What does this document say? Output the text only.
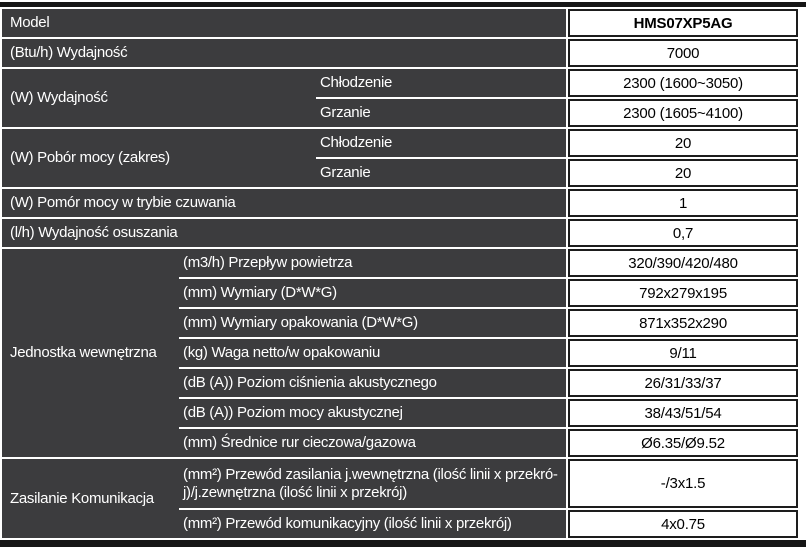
Model			HMS07XP5AG

(Btu/h) Wydajność			7000

(W) Wydajność		Chłodzenie	2300 (1600~3050)

		Grzanie	2300 (1605~4100)

(W) Pobór mocy (zakres)		Chłodzenie	20

		Grzanie	20

(W) Pomór mocy w trybie czuwania			1

(l/h) Wydajność osuszania			0,7

Jednostka wewnętrzna	(m3/h) Przepływ powietrza		320/390/420/480

	(mm) Wymiary (D*W*G)		792x279x195

	(mm) Wymiary opakowania (D*W*G)		871x352x290

	(kg) Waga netto/w opakowaniu		9/11

	(dB (A)) Poziom ciśnienia akustycznego		26/31/33/37

	(dB (A)) Poziom mocy akustycznej		38/43/51/54

	(mm) Średnice rur cieczowa/gazowa		Ø6.35/Ø9.52

Zasilanie Komunikacja	(mm²) Przewód zasilania j.wewnętrzna (ilość linii x przekró-j)/j.zewnętrzna (ilość linii x przekrój)		-/3x1.5

	(mm²) Przewód komunikacyjny (ilość linii x przekrój)		4x0.75
